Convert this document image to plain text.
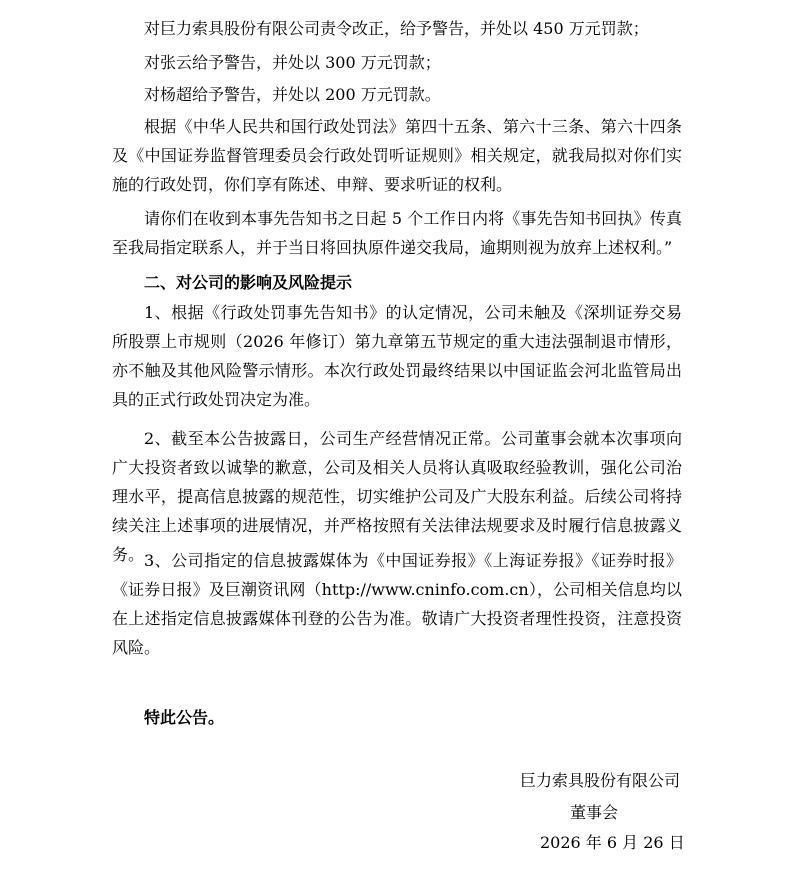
对巨力索具股份有限公司责令改正，给予警告，并处以 450 万元罚款；

对张云给予警告，并处以 300 万元罚款；

对杨超给予警告，并处以 200 万元罚款。

根据《中华人民共和国行政处罚法》第四十五条、第六十三条、第六十四条及《中国证券监督管理委员会行政处罚听证规则》相关规定，就我局拟对你们实施的行政处罚，你们享有陈述、申辩、要求听证的权利。

请你们在收到本事先告知书之日起 5 个工作日内将《事先告知书回执》传真至我局指定联系人，并于当日将回执原件递交我局，逾期则视为放弃上述权利。”

二、对公司的影响及风险提示

1、根据《行政处罚事先告知书》的认定情况，公司未触及《深圳证券交易所股票上市规则（2026 年修订）第九章第五节规定的重大违法强制退市情形，亦不触及其他风险警示情形。本次行政处罚最终结果以中国证监会河北监管局出具的正式行政处罚决定为准。

2、截至本公告披露日，公司生产经营情况正常。公司董事会就本次事项向广大投资者致以诚挚的歉意，公司及相关人员将认真吸取经验教训，强化公司治理水平，提高信息披露的规范性，切实维护公司及广大股东利益。后续公司将持续关注上述事项的进展情况，并严格按照有关法律法规要求及时履行信息披露义务。 3、公司指定的信息披露媒体为《中国证券报》《上海证券报》《证券时报》《证券日报》及巨潮资讯网（http://www.cninfo.com.cn），公司相关信息均以在上述指定信息披露媒体刊登的公告为准。敬请广大投资者理性投资，注意投资风险。

特此公告。

巨力索具股份有限公司

董事会

2026 年 6 月 26 日
